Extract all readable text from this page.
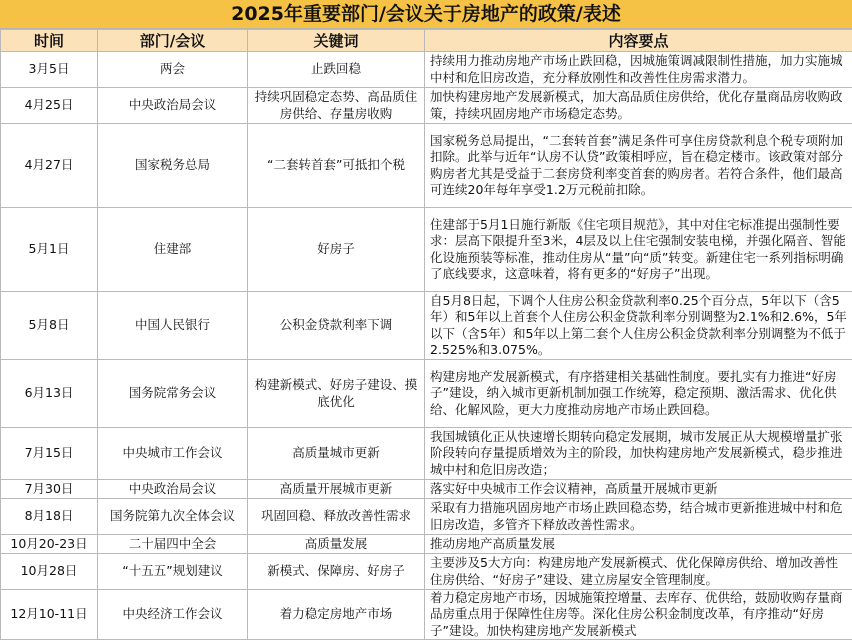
2025年重要部门/会议关于房地产的政策/表述
时间	部门/会议	关键词	内容要点
3月5日	两会	止跌回稳	持续用力推动房地产市场止跌回稳，因城施策调减限制性措施，加力实施城中村和危旧房改造，充分释放刚性和改善性住房需求潜力。
4月25日	中央政治局会议	持续巩固稳定态势、高品质住房供给、存量房收购	加快构建房地产发展新模式，加大高品质住房供给，优化存量商品房收购政策，持续巩固房地产市场稳定态势。
4月27日	国家税务总局	“二套转首套”可抵扣个税	国家税务总局提出，“二套转首套”满足条件可享住房贷款利息个税专项附加扣除。此举与近年“认房不认贷”政策相呼应，旨在稳定楼市。该政策对部分购房者尤其是受益于二套房贷利率变首套的购房者。若符合条件，他们最高可连续20年每年享受1.2万元税前扣除。
5月1日	住建部	好房子	住建部于5月1日施行新版《住宅项目规范》，其中对住宅标准提出强制性要求：层高下限提升至3米，4层及以上住宅强制安装电梯，并强化隔音、智能化设施预装等标准，推动住房从“量”向“质”转变。新建住宅一系列指标明确了底线要求，这意味着，将有更多的“好房子”出现。
5月8日	中国人民银行	公积金贷款利率下调	自5月8日起，下调个人住房公积金贷款利率0.25个百分点，5年以下（含5年）和5年以上首套个人住房公积金贷款利率分别调整为2.1%和2.6%，5年以下（含5年）和5年以上第二套个人住房公积金贷款利率分别调整为不低于2.525%和3.075%。
6月13日	国务院常务会议	构建新模式、好房子建设、摸底优化	构建房地产发展新模式，有序搭建相关基础性制度。要扎实有力推进“好房子”建设，纳入城市更新机制加强工作统筹，稳定预期、激活需求、优化供给、化解风险，更大力度推动房地产市场止跌回稳。
7月15日	中央城市工作会议	高质量城市更新	我国城镇化正从快速增长期转向稳定发展期，城市发展正从大规模增量扩张阶段转向存量提质增效为主的阶段，加快构建房地产发展新模式，稳步推进城中村和危旧房改造；
7月30日	中央政治局会议	高质量开展城市更新	落实好中央城市工作会议精神，高质量开展城市更新
8月18日	国务院第九次全体会议	巩固回稳、释放改善性需求	采取有力措施巩固房地产市场止跌回稳态势，结合城市更新推进城中村和危旧房改造，多管齐下释放改善性需求。
10月20-23日	二十届四中全会	高质量发展	推动房地产高质量发展
10月28日	“十五五”规划建议	新模式、保障房、好房子	主要涉及5大方向：构建房地产发展新模式、优化保障房供给、增加改善性住房供给、“好房子”建设、建立房屋安全管理制度。
12月10-11日	中央经济工作会议	着力稳定房地产市场	着力稳定房地产市场，因城施策控增量、去库存、优供给，鼓励收购存量商品房重点用于保障性住房等。深化住房公积金制度改革，有序推动“好房子”建设。加快构建房地产发展新模式
